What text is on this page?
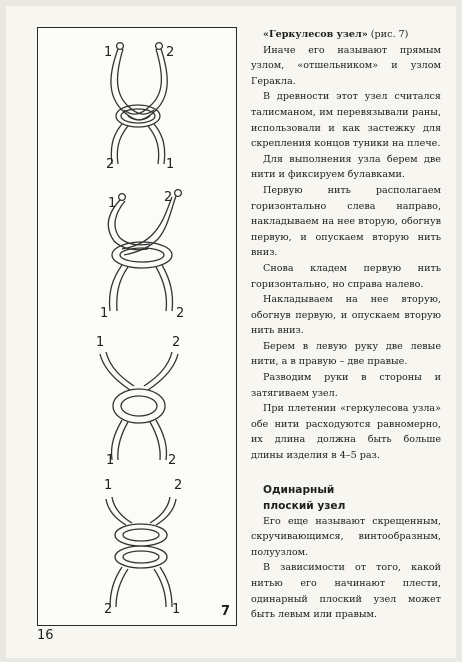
1	2
2	1
1	2
1	2
1	2
1	2
1	2
2	1	7

«Геркулесов узел» (рис. 7)

Иначе его называют прямым узлом, «отшельником» и узлом Геракла.

В древности этот узел считался талисманом, им перевязывали раны, использовали и как застежку для скрепления концов туники на плече.

Для выполнения узла берем две нити и фиксируем булавками.

Первую нить располагаем горизонтально слева направо, накладываем на нее вторую, обогнув первую, и опускаем вторую нить вниз.

Снова кладем первую нить горизонтально, но справа налево.

Накладываем на нее вторую, обогнув первую, и опускаем вторую нить вниз.

Берем в левую руку две левые нити, а в правую – две правые.

Разводим руки в стороны и затягиваем узел.

При плетении «геркулесова узла» обе нити расходуются равномерно, их длина должна быть больше длины изделия в 4–5 раз.

Одинарный
плоский узел

Его еще называют скрещенным, скручивающимся, винтообразным, полуузлом.

В зависимости от того, какой нитью его начинают плести, одинарный плоский узел может быть левым или правым.

16
